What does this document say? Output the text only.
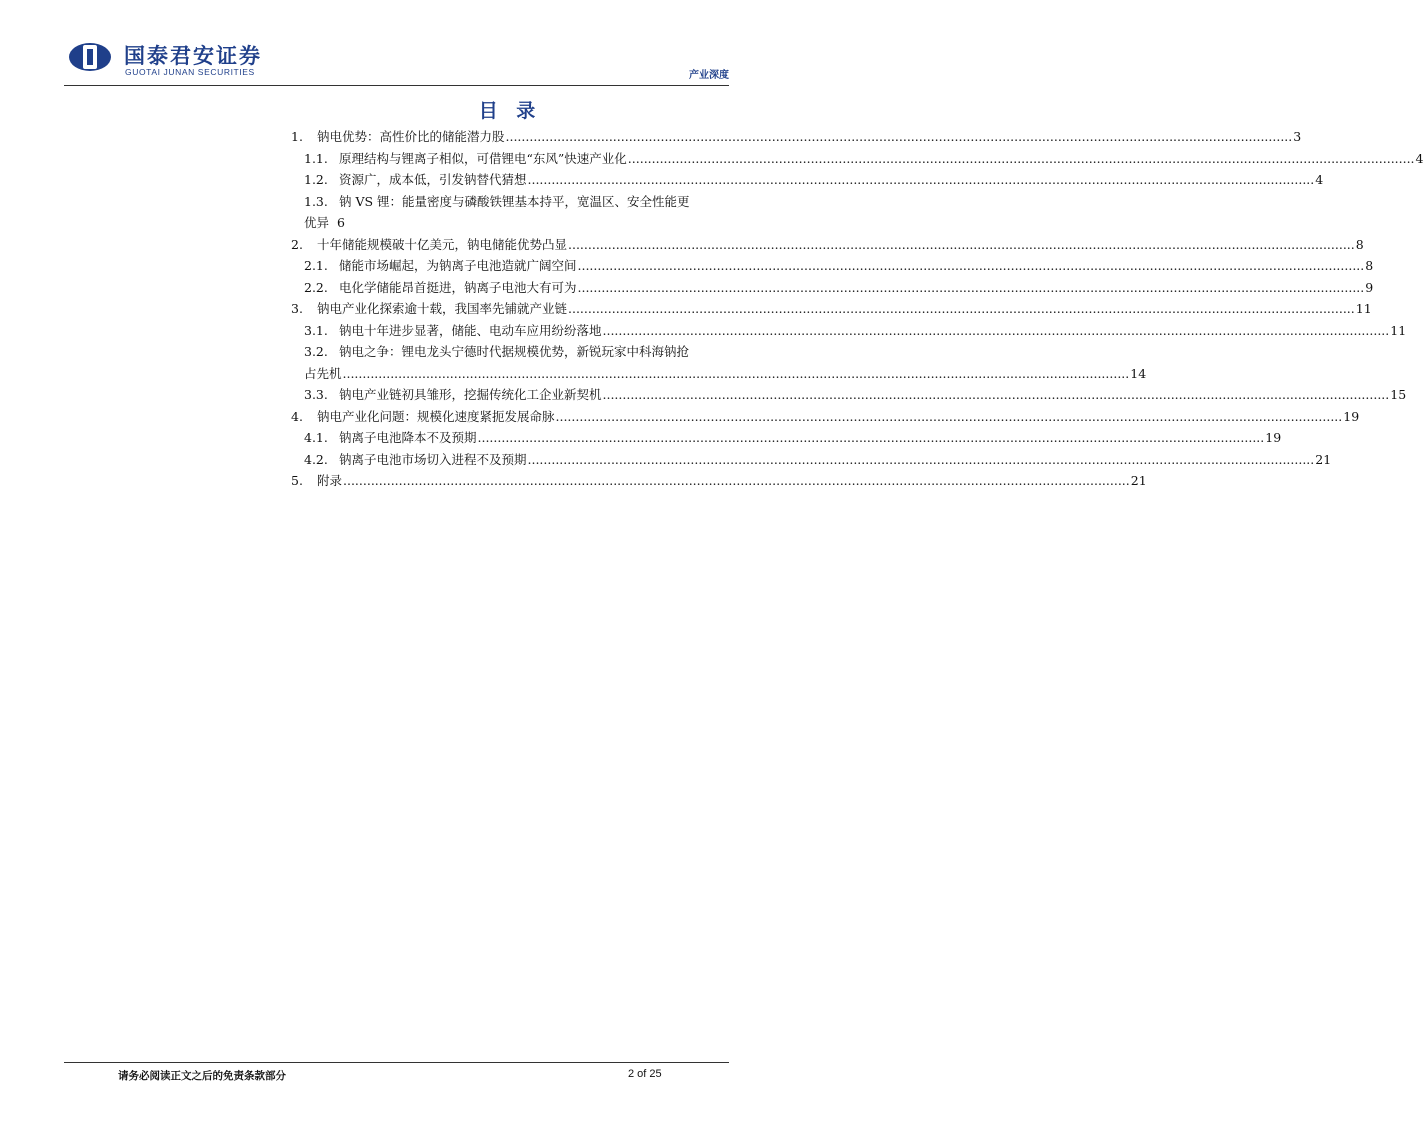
国泰君安证券
GUOTAI JUNAN SECURITIES	产业深度
目 录
1.	钠电优势：高性价比的储能潜力股 .....	3
1.1. 原理结构与锂离子相似，可借锂电“东风”快速产业化 .....	4
1.2. 资源广，成本低，引发钠替代猜想 .....	4
1.3. 钠 VS 锂：能量密度与磷酸铁锂基本持平，宽温区、安全性能更
优异 6
2.	十年储能规模破十亿美元，钠电储能优势凸显 .....	8
2.1. 储能市场崛起，为钠离子电池造就广阔空间 .....	8
2.2. 电化学储能昂首挺进，钠离子电池大有可为 .....	9
3.	钠电产业化探索逾十载，我国率先铺就产业链 .....	11
3.1. 钠电十年进步显著，储能、电动车应用纷纷落地 .....	11
3.2. 钠电之争：锂电龙头宁德时代据规模优势，新锐玩家中科海钠抢
占先机 .....	14
3.3. 钠电产业链初具雏形，挖掘传统化工企业新契机 .....	15
4.	钠电产业化问题：规模化速度紧扼发展命脉 .....	19
4.1. 钠离子电池降本不及预期 .....	19
4.2. 钠离子电池市场切入进程不及预期 .....	21
5.	附录 .....	21
请务必阅读正文之后的免责条款部分	2 of 25
